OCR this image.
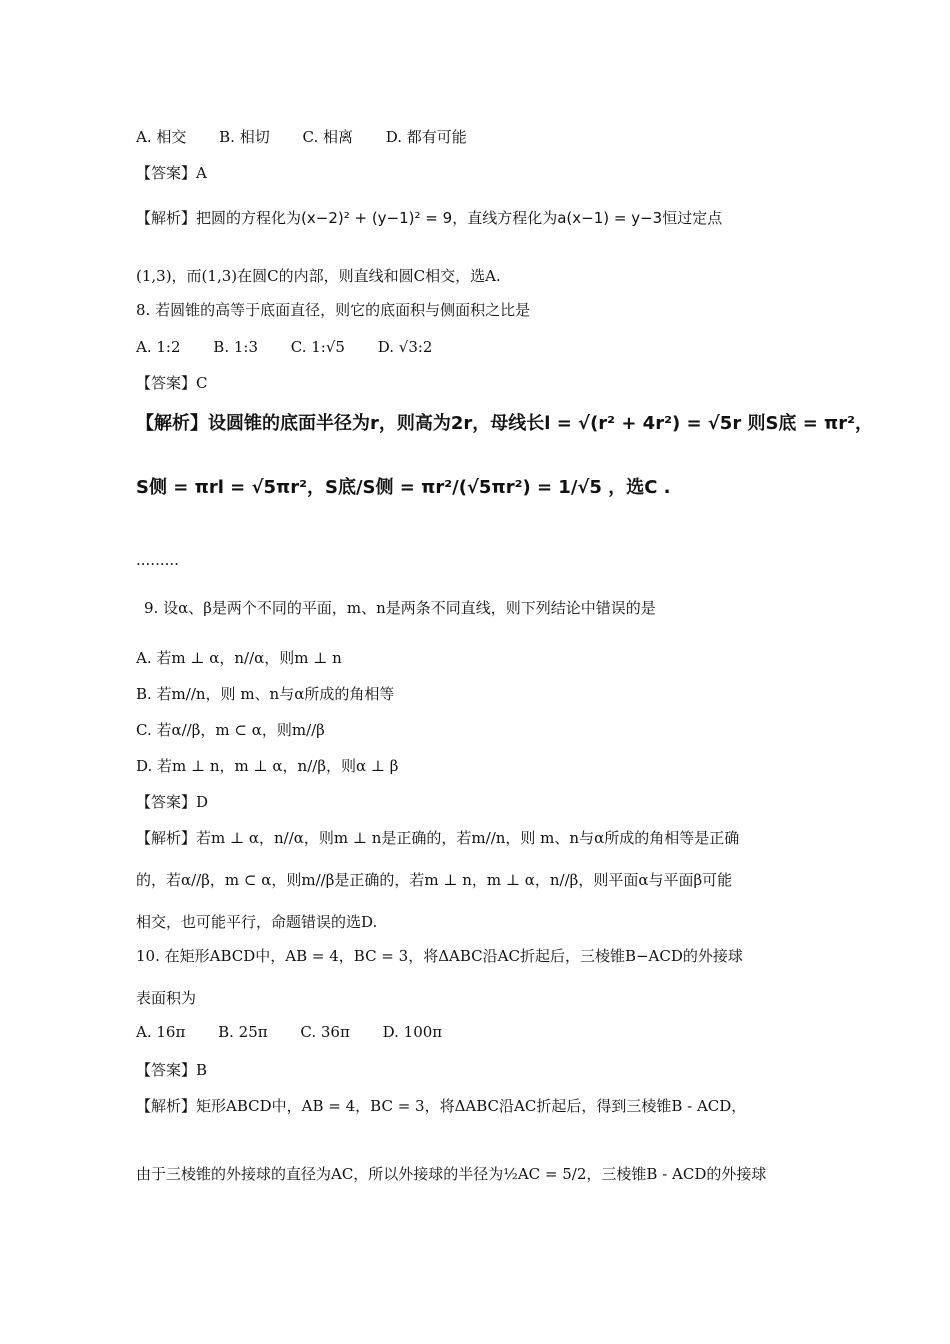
A. 相交 B. 相切 C. 相离 D. 都有可能
【答案】A
【解析】把圆的方程化为(x−2)² + (y−1)² = 9，直线方程化为a(x−1) = y−3恒过定点
(1,3)，而(1,3)在圆C的内部，则直线和圆C相交，选A.
8. 若圆锥的高等于底面直径，则它的底面积与侧面积之比是
A. 1:2 B. 1:3 C. 1:√5 D. √3:2
【答案】C
【解析】设圆锥的底面半径为r，则高为2r，母线长l = √(r² + 4r²) = √5r 则S底 = πr²，
S侧 = πrl = √5πr²，S底/S侧 = πr²/(√5πr²) = 1/√5 ，选C .
.........
9. 设α、β是两个不同的平面，m、n是两条不同直线，则下列结论中错误的是
A. 若m ⊥ α，n//α，则m ⊥ n
B. 若m//n，则 m、n与α所成的角相等
C. 若α//β，m ⊂ α，则m//β
D. 若m ⊥ n，m ⊥ α，n//β，则α ⊥ β
【答案】D
【解析】若m ⊥ α，n//α，则m ⊥ n是正确的，若m//n，则 m、n与α所成的角相等是正确
的，若α//β，m ⊂ α，则m//β是正确的，若m ⊥ n，m ⊥ α，n//β，则平面α与平面β可能
相交，也可能平行，命题错误的选D.
10. 在矩形ABCD中，AB = 4，BC = 3，将ΔABC沿AC折起后，三棱锥B−ACD的外接球
表面积为
A. 16π B. 25π C. 36π D. 100π
【答案】B
【解析】矩形ABCD中，AB = 4，BC = 3，将ΔABC沿AC折起后，得到三棱锥B - ACD，
由于三棱锥的外接球的直径为AC，所以外接球的半径为½AC = 5/2，三棱锥B - ACD的外接球
